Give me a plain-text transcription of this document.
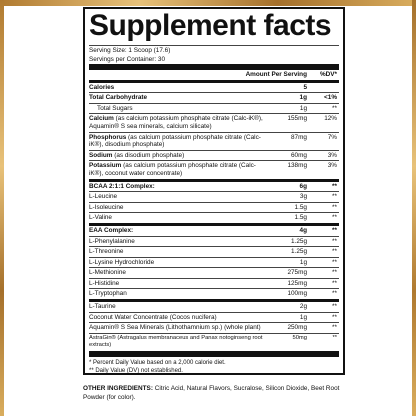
Supplement facts
Serving Size: 1 Scoop (17.6)
Servings per Container: 30
Amount Per Serving	%DV*
Calories	5
Total Carbohydrate	1g	<1%
Total Sugars	1g	**
Calcium (as calcium potassium phosphate citrate (Calc-iK®), Aquamin® S sea minerals, calcium silicate)
155mg	12%
Phosphorus (as calcium potassium phosphate citrate (Calc-iK®), disodium phosphate)
87mg	7%
Sodium (as disodium phosphate)	60mg	3%
Potassium (as calcium potassium phosphate citrate (Calc-iK®), coconut water concentrate)
138mg	3%
BCAA 2:1:1 Complex:	6g	**
L-Leucine	3g	**
L-Isoleucine	1.5g	**
L-Valine	1.5g	**
EAA Complex:	4g	**
L-Phenylalanine	1.25g	**
L-Threonine	1.25g	**
L-Lysine Hydrochloride	1g	**
L-Methionine	275mg	**
L-Histidine	125mg	**
L-Tryptophan	100mg	**
L-Taurine	2g	**
Coconut Water Concentrate (Cocos nucifera)	1g	**
Aquamin® S Sea Minerals (Lithothamnium sp.) (whole plant)	250mg	**
AstraGin® (Astragalus membranaceus and Panax notoginseng root extracts)
50mg	**
* Percent Daily Value based on a 2,000 calorie diet.
** Daily Value (DV) not established.
OTHER INGREDIENTS: Citric Acid, Natural Flavors, Sucralose, Silicon Dioxide, Beet Root Powder (for color).
